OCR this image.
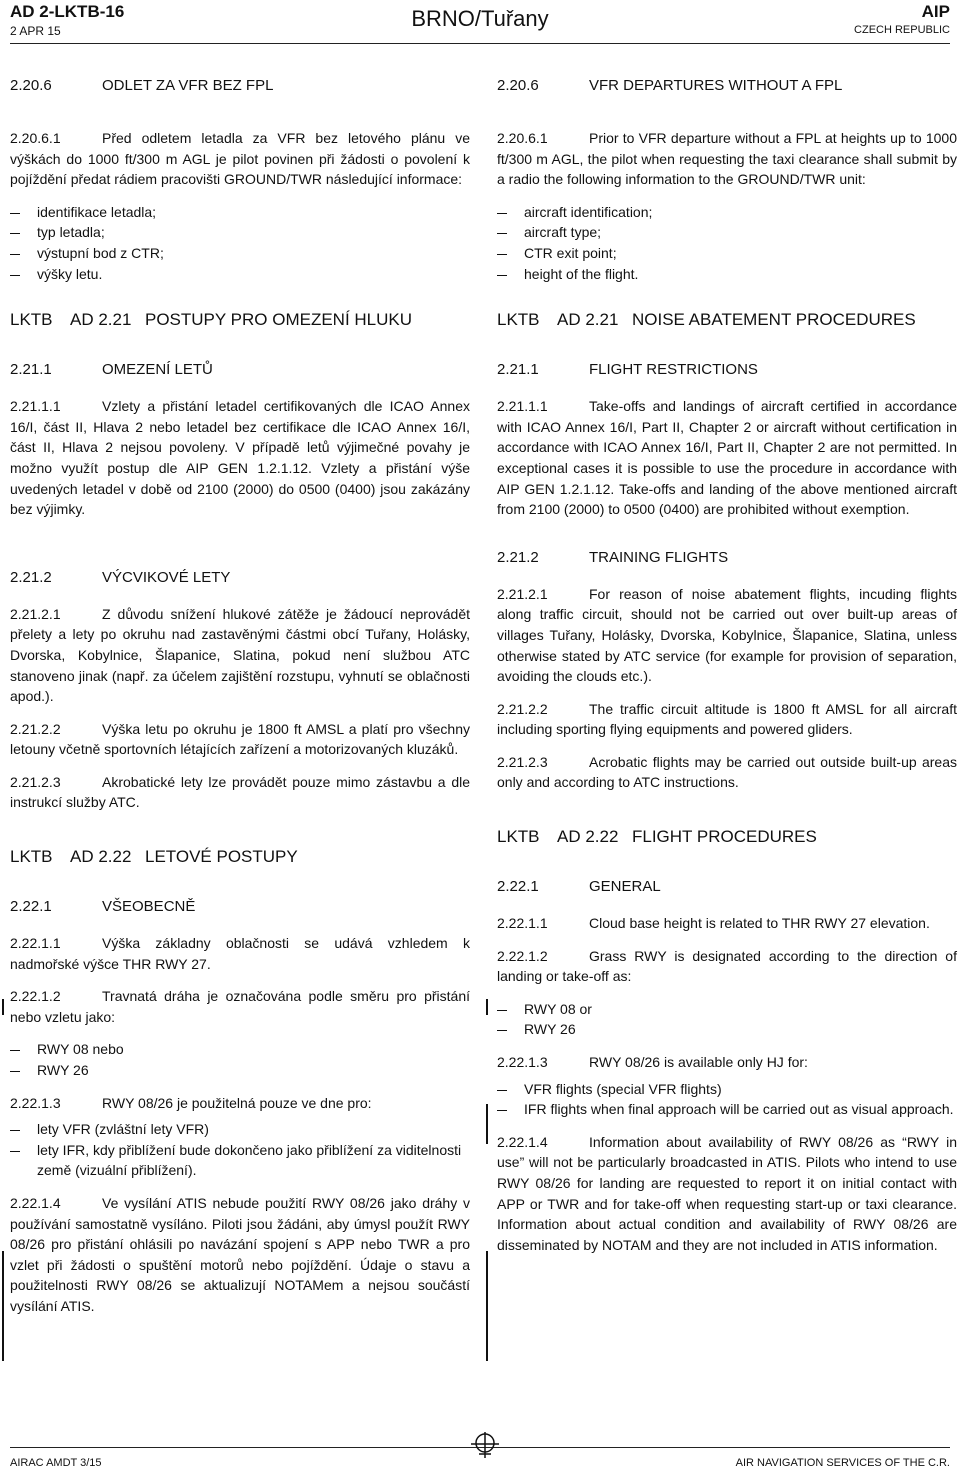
AD 2-LKTB-16
2 APR 15	BRNO/Tuřany	AIP
CZECH REPUBLIC
2.20.6	ODLET ZA VFR BEZ FPL

2.20.6.1	Před odletem letadla za VFR bez letového plánu ve výškách do 1000 ft/300 m AGL je pilot povinen při žádosti o povolení k pojíždění předat rádiem pracovišti GROUND/TWR následující informace:

identifikace letadla;
typ letadla;
výstupní bod z CTR;
výšky letu.
LKTB AD 2.21 POSTUPY PRO OMEZENÍ HLUKU
2.21.1	OMEZENÍ LETŮ

2.21.1.1	Vzlety a přistání letadel certifikovaných dle ICAO Annex 16/I, část II, Hlava 2 nebo letadel bez certifikace dle ICAO Annex 16/I, část II, Hlava 2 nejsou povoleny. V případě letů výjimečné povahy je možno využít postup dle AIP GEN 1.2.1.12. Vzlety a přistání výše uvedených letadel v době od 2100 (2000) do 0500 (0400) jsou zakázány bez výjimky.

2.21.2	VÝCVIKOVÉ LETY

2.21.2.1	Z důvodu snížení hlukové zátěže je žádoucí neprovádět přelety a lety po okruhu nad zastavěnými částmi obcí Tuřany, Holásky, Dvorska, Kobylnice, Šlapanice, Slatina, pokud není službou ATC stanoveno jinak (např. za účelem zajištění rozstupu, vyhnutí se oblačnosti apod.).

2.21.2.2	Výška letu po okruhu je 1800 ft AMSL a platí pro všechny letouny včetně sportovních létajících zařízení a motorizovaných kluzáků.

2.21.2.3	Akrobatické lety lze provádět pouze mimo zástavbu a dle instrukcí služby ATC.

LKTB AD 2.22 LETOVÉ POSTUPY
2.22.1	VŠEOBECNĚ

2.22.1.1	Výška základny oblačnosti se udává vzhledem k nadmořské výšce THR RWY 27.

2.22.1.2	Travnatá dráha je označována podle směru pro přistání nebo vzletu jako:

RWY 08 nebo
RWY 26

2.22.1.3	RWY 08/26 je použitelná pouze ve dne pro:

lety VFR (zvláštní lety VFR)
lety IFR, kdy přiblížení bude dokončeno jako přiblížení za viditelnosti země (vizuální přiblížení).

2.22.1.4	Ve vysílání ATIS nebude použití RWY 08/26 jako dráhy v používání samostatně vysíláno. Piloti jsou žádáni, aby úmysl použít RWY 08/26 pro přistání ohlásili po navázání spojení s APP nebo TWR a pro vzlet při žádosti o spuštění motorů nebo pojíždění. Údaje o stavu a použitelnosti RWY 08/26 se aktualizují NOTAMem a nejsou součástí vysílání ATIS.

2.20.6	VFR DEPARTURES WITHOUT A FPL

2.20.6.1	Prior to VFR departure without a FPL at heights up to 1000 ft/300 m AGL, the pilot when requesting the taxi clearance shall submit by a radio the following information to the GROUND/TWR unit:

aircraft identification;
aircraft type;
CTR exit point;
height of the flight.
LKTB AD 2.21 NOISE ABATEMENT PROCEDURES
2.21.1	FLIGHT RESTRICTIONS

2.21.1.1	Take-offs and landings of aircraft certified in accordance with ICAO Annex 16/I, Part II, Chapter 2 or aircraft without certification in accordance with ICAO Annex 16/I, Part II, Chapter 2 are not permitted. In exceptional cases it is possible to use the procedure in accordance with AIP GEN 1.2.1.12. Take-offs and landing of the above mentioned aircraft from 2100 (2000) to 0500 (0400) are prohibited without exemption.

2.21.2	TRAINING FLIGHTS

2.21.2.1	For reason of noise abatement flights, incuding flights along traffic circuit, should not be carried out over built-up areas of villages Tuřany, Holásky, Dvorska, Kobylnice, Šlapanice, Slatina, unless otherwise stated by ATC service (for example for provision of separation, avoiding the clouds etc.).

2.21.2.2	The traffic circuit altitude is 1800 ft AMSL for all aircraft including sporting flying equipments and powered gliders.

2.21.2.3	Acrobatic flights may be carried out outside built-up areas only and according to ATC instructions.

LKTB AD 2.22 FLIGHT PROCEDURES
2.22.1	GENERAL

2.22.1.1	Cloud base height is related to THR RWY 27 elevation.

2.22.1.2	Grass RWY is designated according to the direction of landing or take-off as:

RWY 08 or
RWY 26

2.22.1.3	RWY 08/26 is available only HJ for:

VFR flights (special VFR flights)
IFR flights when final approach will be carried out as visual approach.

2.22.1.4	Information about availability of RWY 08/26 as “RWY in use” will not be particularly broadcasted in ATIS. Pilots who intend to use RWY 08/26 for landing are requested to report it on initial contact with APP or TWR and for take-off when requesting start-up or taxi clearance. Information about actual condition and availability of RWY 08/26 are disseminated by NOTAM and they are not included in ATIS information.

AIRAC AMDT 3/15	AIR NAVIGATION SERVICES OF THE C.R.
